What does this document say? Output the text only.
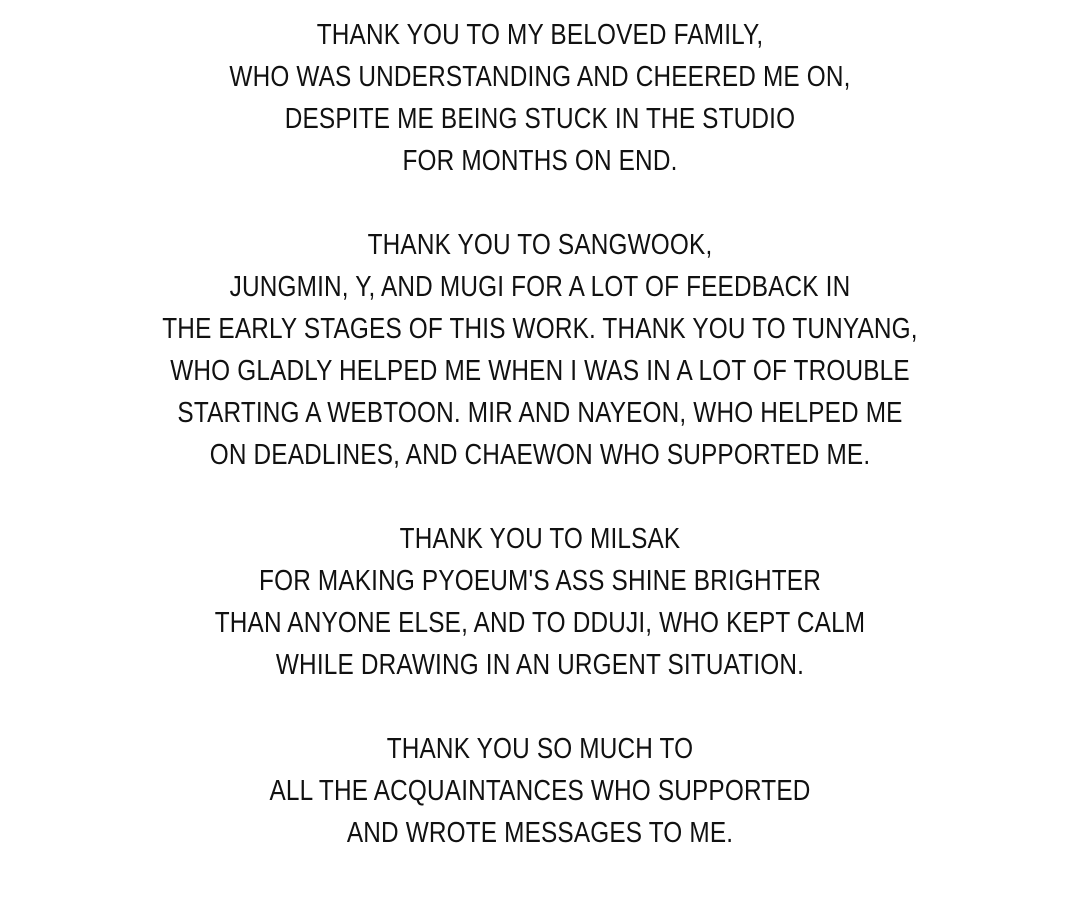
THANK YOU TO MY BELOVED FAMILY,
WHO WAS UNDERSTANDING AND CHEERED ME ON,
DESPITE ME BEING STUCK IN THE STUDIO
FOR MONTHS ON END.
THANK YOU TO SANGWOOK,
JUNGMIN, Y, AND MUGI FOR A LOT OF FEEDBACK IN
THE EARLY STAGES OF THIS WORK. THANK YOU TO TUNYANG,
WHO GLADLY HELPED ME WHEN I WAS IN A LOT OF TROUBLE
STARTING A WEBTOON. MIR AND NAYEON, WHO HELPED ME
ON DEADLINES, AND CHAEWON WHO SUPPORTED ME.
THANK YOU TO MILSAK
FOR MAKING PYOEUM'S ASS SHINE BRIGHTER
THAN ANYONE ELSE, AND TO DDUJI, WHO KEPT CALM
WHILE DRAWING IN AN URGENT SITUATION.
THANK YOU SO MUCH TO
ALL THE ACQUAINTANCES WHO SUPPORTED
AND WROTE MESSAGES TO ME.
